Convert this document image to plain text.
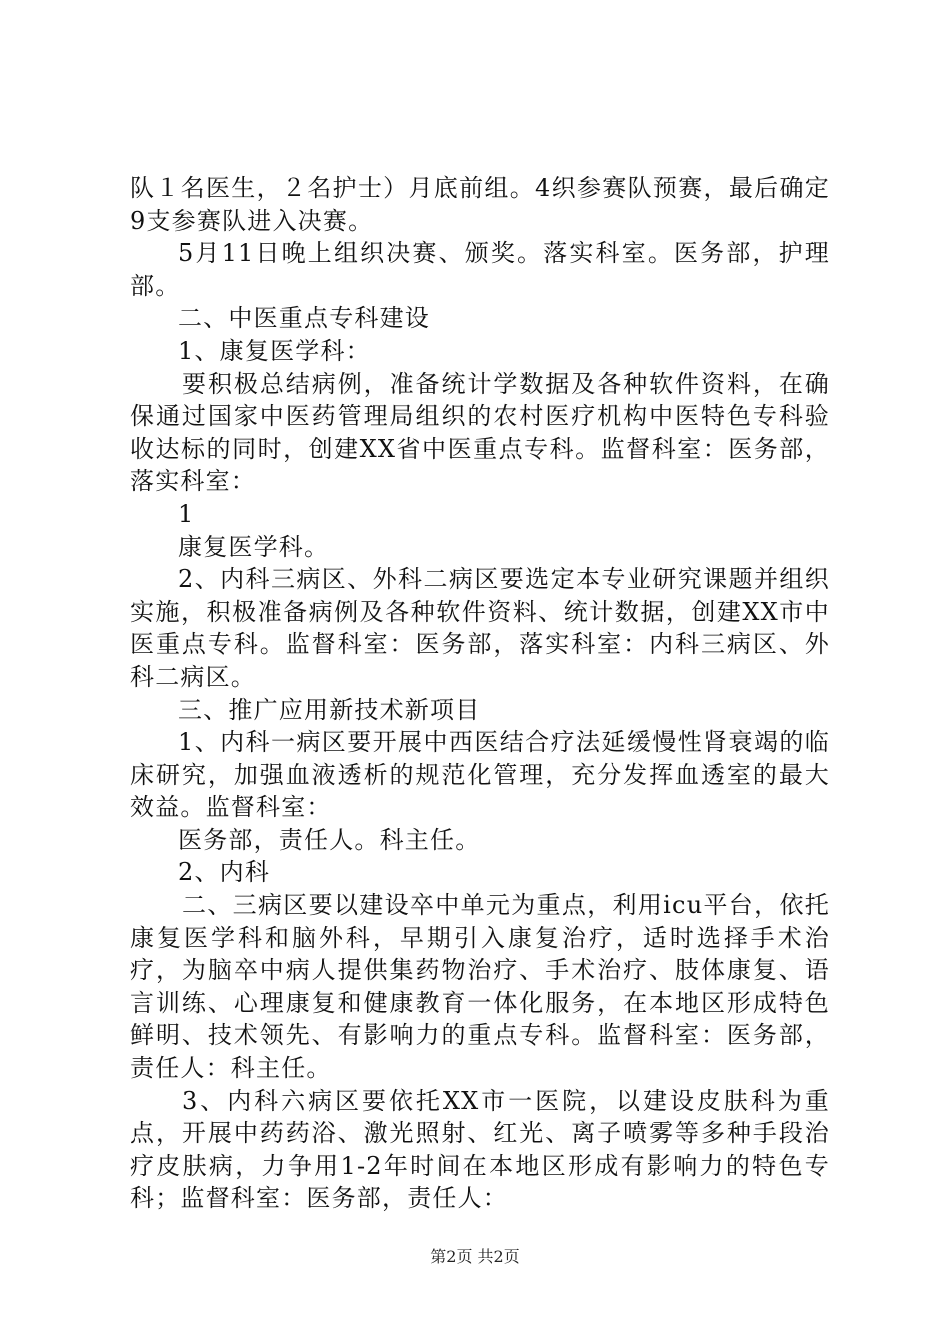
队１名医生，２名护士）月底前组。4织参赛队预赛，最后确定9支参赛队进入决赛。

5月11日晚上组织决赛、颁奖。落实科室。医务部，护理部。

二、中医重点专科建设

1、康复医学科：

要积极总结病例，准备统计学数据及各种软件资料，在确保通过国家中医药管理局组织的农村医疗机构中医特色专科验收达标的同时，创建XX省中医重点专科。监督科室：医务部，落实科室：

1

康复医学科。

2、内科三病区、外科二病区要选定本专业研究课题并组织实施，积极准备病例及各种软件资料、统计数据，创建XX市中医重点专科。监督科室：医务部，落实科室：内科三病区、外科二病区。

三、推广应用新技术新项目

1、内科一病区要开展中西医结合疗法延缓慢性肾衰竭的临床研究，加强血液透析的规范化管理，充分发挥血透室的最大效益。监督科室：

医务部，责任人。科主任。

2、内科

二、三病区要以建设卒中单元为重点，利用icu平台，依托康复医学科和脑外科，早期引入康复治疗，适时选择手术治疗，为脑卒中病人提供集药物治疗、手术治疗、肢体康复、语言训练、心理康复和健康教育一体化服务，在本地区形成特色鲜明、技术领先、有影响力的重点专科。监督科室：医务部，责任人：科主任。

3、内科六病区要依托XX市一医院，以建设皮肤科为重点，开展中药药浴、激光照射、红光、离子喷雾等多种手段治疗皮肤病，力争用1-2年时间在本地区形成有影响力的特色专科；监督科室：医务部，责任人：

第2页 共2页
